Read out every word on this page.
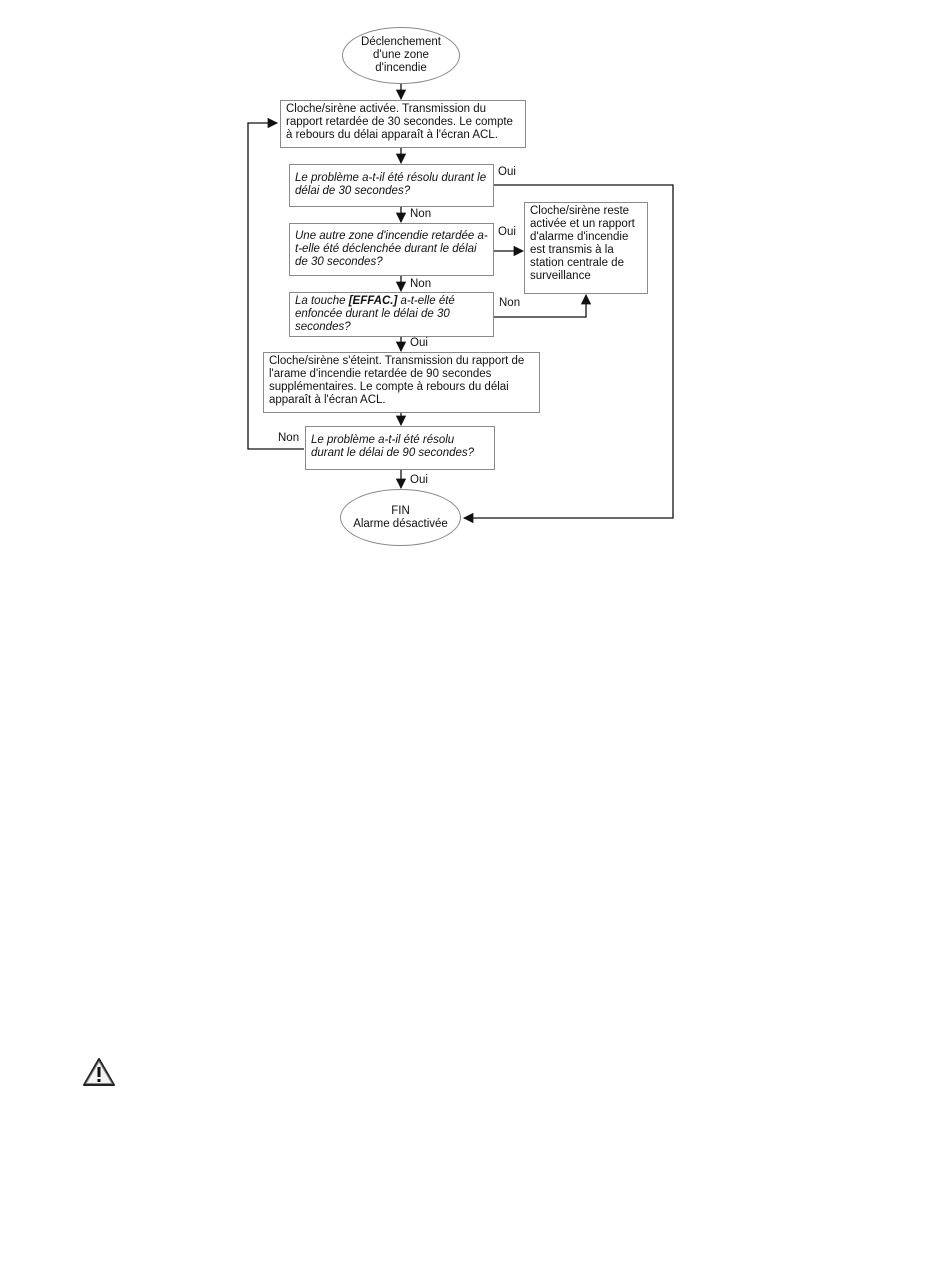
Déclenchement
d'une zone
d'incendie
Cloche/sirène activée. Transmission du rapport retardée de 30 secondes. Le compte à rebours du délai apparaît à l'écran ACL.
Le problème a-t-il été résolu durant le délai de 30 secondes?
Une autre zone d'incendie retardée a-t-elle été déclenchée durant le délai de 30 secondes?
La touche [EFFAC.] a-t-elle été enfoncée durant le délai de 30 secondes?
Cloche/sirène reste activée et un rapport d'alarme d'incendie est transmis à la station centrale de surveillance
Cloche/sirène s'éteint. Transmission du rapport de l'arame d'incendie retardée de 90 secondes supplémentaires. Le compte à rebours du délai apparaît à l'écran ACL.
Le problème a-t-il été résolu durant le délai de 90 secondes?
FIN
Alarme désactivée
Oui
Non
Oui
Non
Non
Oui
Non
Oui
